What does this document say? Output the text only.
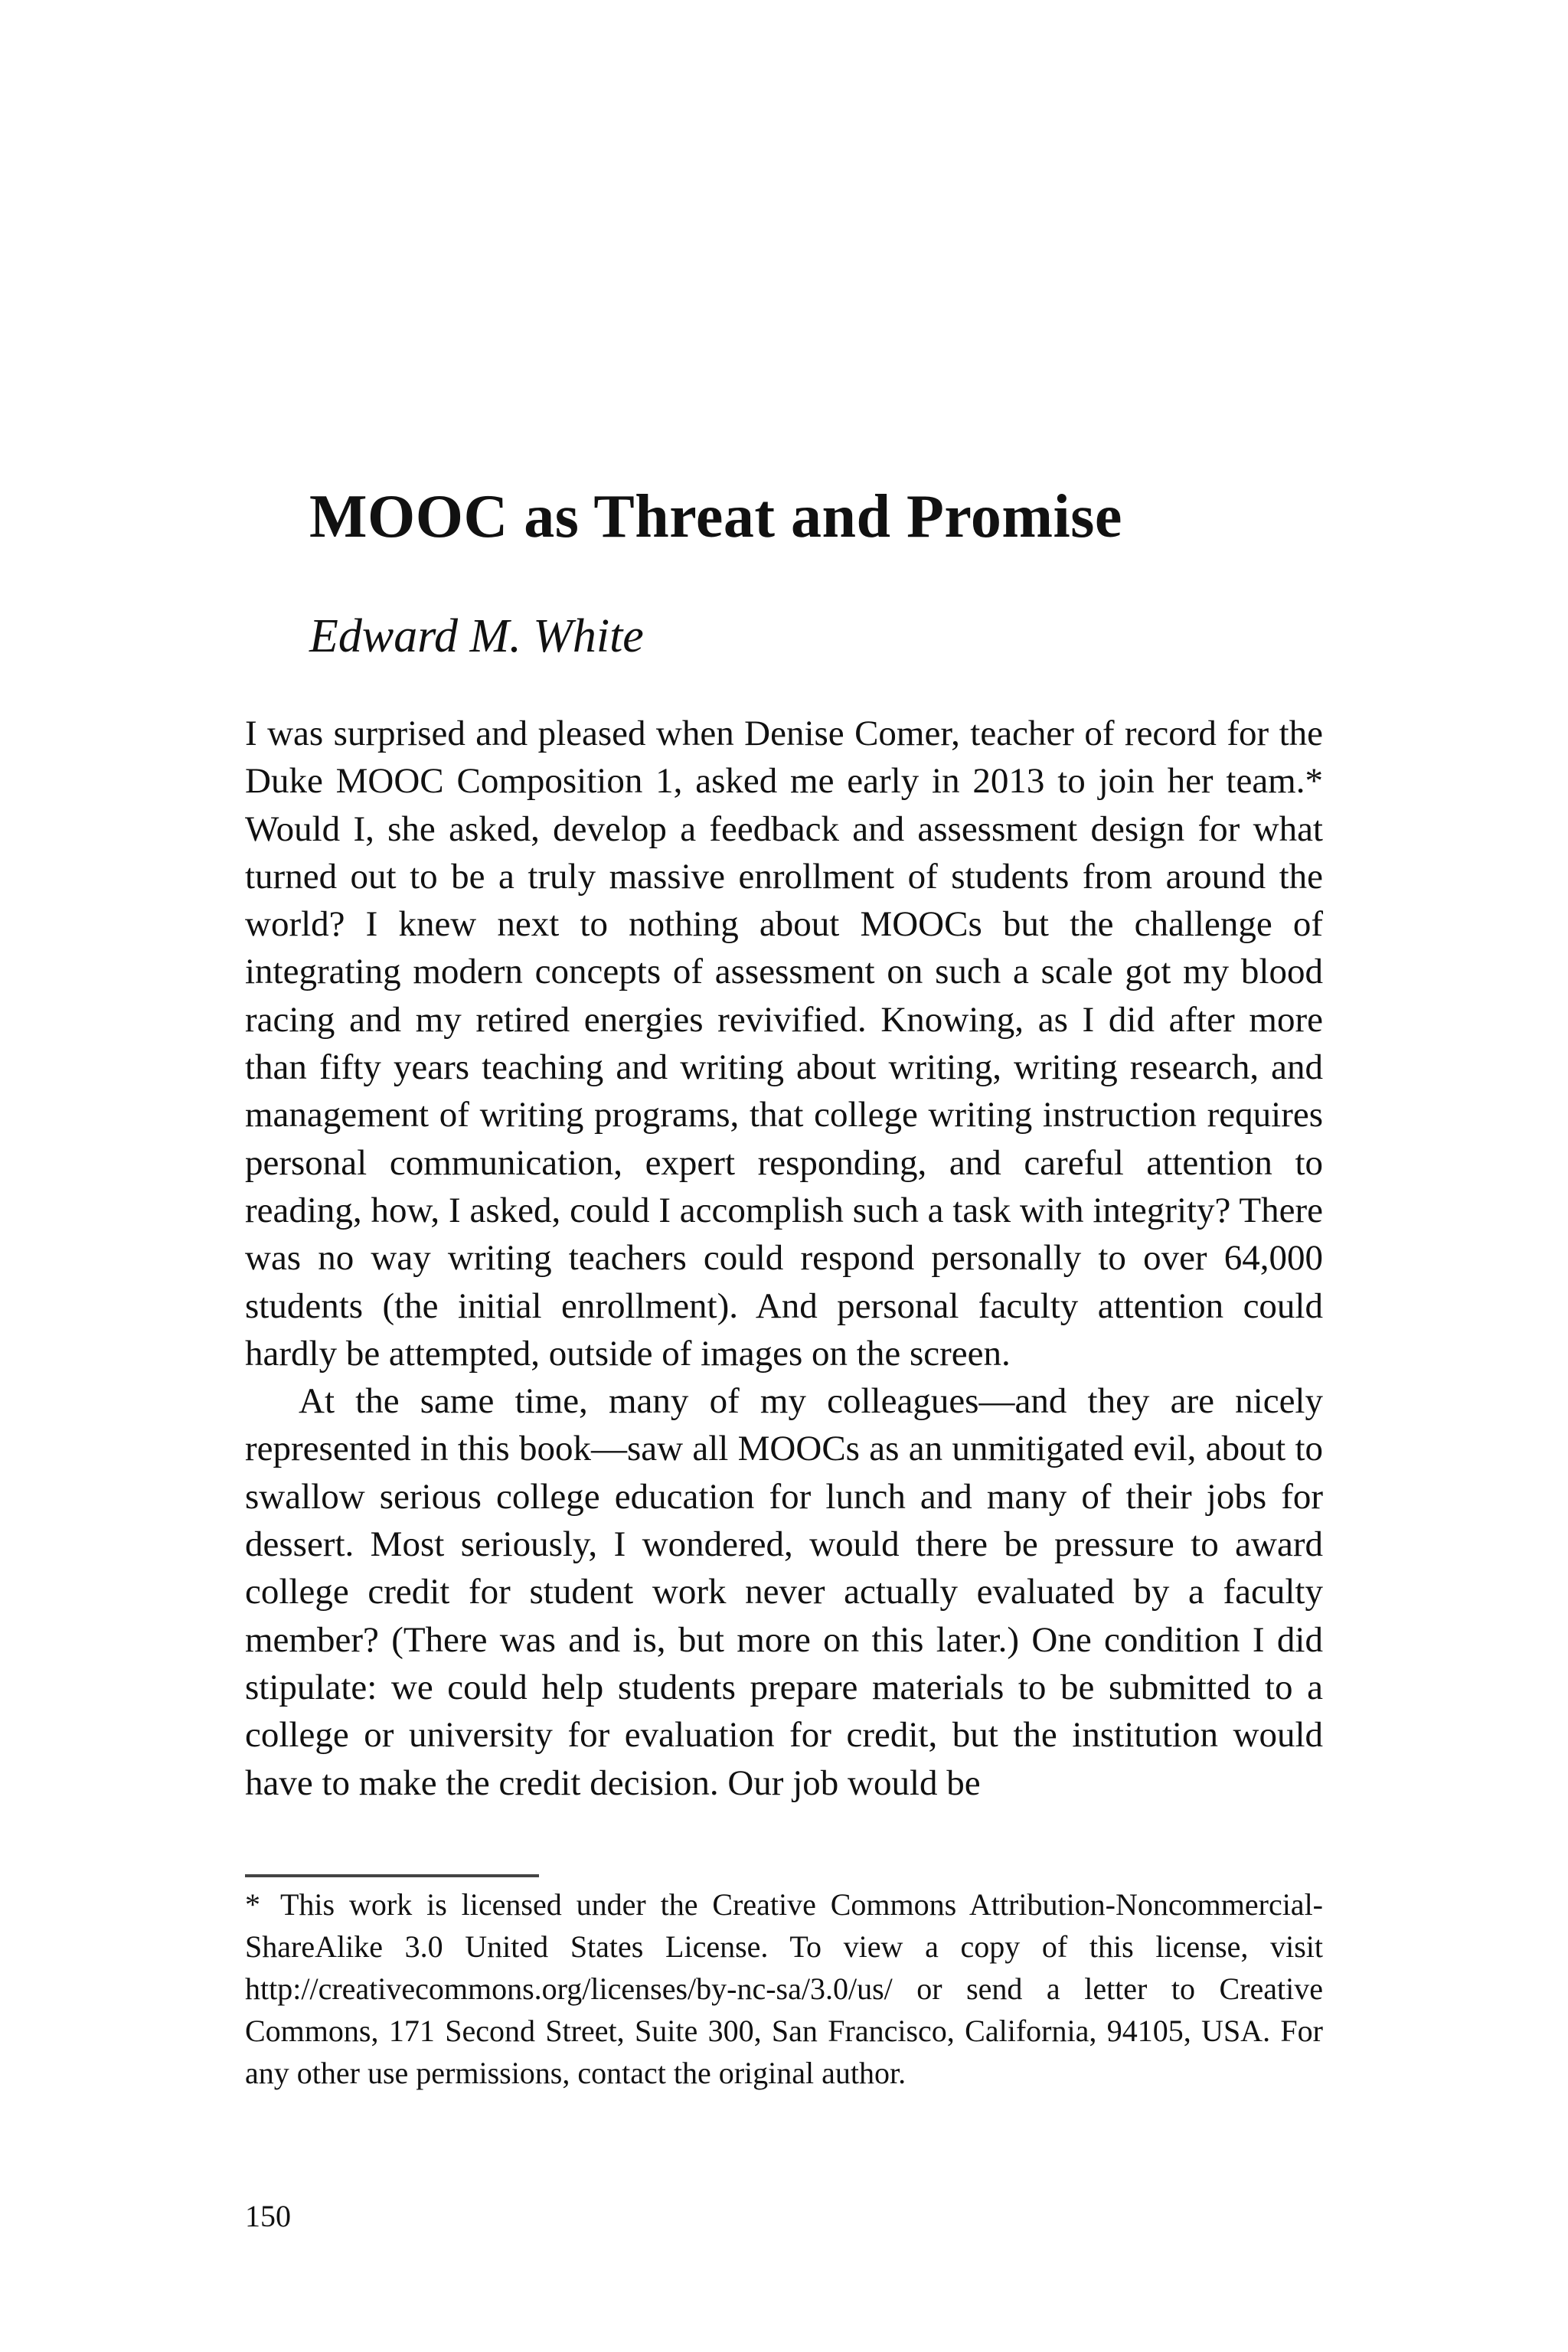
MOOC as Threat and Promise

Edward M. White

I was surprised and pleased when Denise Comer, teacher of record for the Duke MOOC Composition 1, asked me early in 2013 to join her team.* Would I, she asked, develop a feedback and assessment design for what turned out to be a truly massive enrollment of students from around the world? I knew next to nothing about MOOCs but the challenge of integrating modern concepts of assessment on such a scale got my blood racing and my retired energies revivified. Knowing, as I did after more than fifty years teaching and writing about writing, writing research, and management of writing programs, that college writing instruction requires personal communication, expert responding, and careful attention to reading, how, I asked, could I accomplish such a task with integrity? There was no way writing teachers could respond personally to over 64,000 students (the initial enrollment). And personal faculty attention could hardly be attempted, outside of images on the screen.

At the same time, many of my colleagues—and they are nicely represented in this book—saw all MOOCs as an unmitigated evil, about to swallow serious college education for lunch and many of their jobs for dessert. Most seriously, I wondered, would there be pressure to award college credit for student work never actually evaluated by a faculty member? (There was and is, but more on this later.) One condition I did stipulate: we could help students prepare materials to be submitted to a college or university for evaluation for credit, but the institution would have to make the credit decision. Our job would be

* This work is licensed under the Creative Commons Attribution-Noncommercial-ShareAlike 3.0 United States License. To view a copy of this license, visit http://creativecommons.org/licenses/by-nc-sa/3.0/us/ or send a letter to Creative Commons, 171 Second Street, Suite 300, San Francisco, California, 94105, USA. For any other use permissions, contact the original author.

150
